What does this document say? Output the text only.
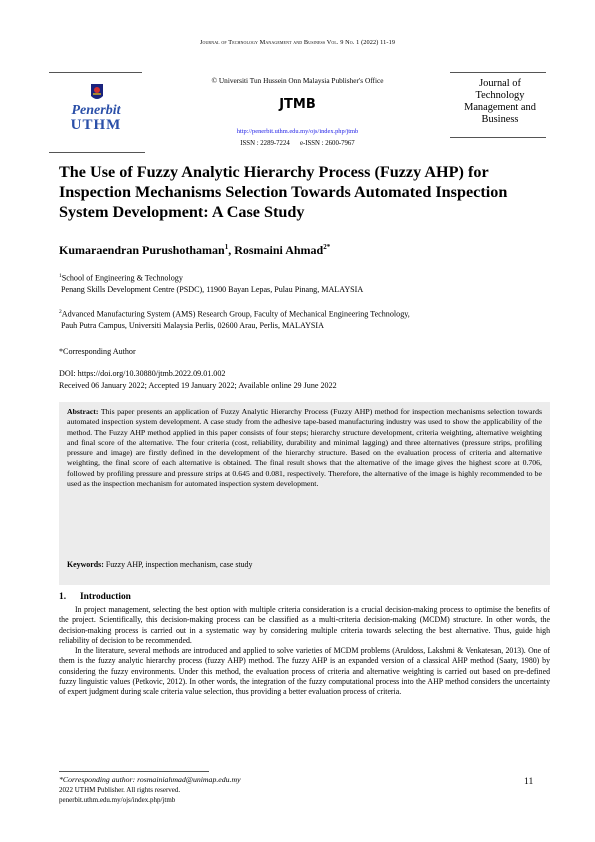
Journal of Technology Management and Business Vol. 9 No. 1 (2022) 11-19
Penerbit
UTHM
© Universiti Tun Hussein Onn Malaysia Publisher's Office
JTMB
http://penerbit.uthm.edu.my/ojs/index.php/jtmb
ISSN : 2289-7224 e-ISSN : 2600-7967
Journal of
Technology
Management and
Business
The Use of Fuzzy Analytic Hierarchy Process (Fuzzy AHP) for Inspection Mechanisms Selection Towards Automated Inspection System Development: A Case Study
Kumaraendran Purushothaman$^1$, Rosmaini Ahmad$^{2*}$
$^1$School of Engineering & Technology
Penang Skills Development Centre (PSDC), 11900 Bayan Lepas, Pulau Pinang, MALAYSIA
$^2$Advanced Manufacturing System (AMS) Research Group, Faculty of Mechanical Engineering Technology,
Pauh Putra Campus, Universiti Malaysia Perlis, 02600 Arau, Perlis, MALAYSIA
*Corresponding Author
DOI: https://doi.org/10.30880/jtmb.2022.09.01.002
Received 06 January 2022; Accepted 19 January 2022; Available online 29 June 2022
Abstract: This paper presents an application of Fuzzy Analytic Hierarchy Process (Fuzzy AHP) method for inspection mechanisms selection towards automated inspection system development. A case study from the adhesive tape-based manufacturing industry was used to show the applicability of the method. The Fuzzy AHP method applied in this paper consists of four steps; hierarchy structure development, criteria weighting, alternative weighting and final score of the alternative. The four criteria (cost, reliability, durability and minimal lagging) and three alternatives (pressure strips, profiling pressure and image) are firstly defined in the development of the hierarchy structure. Based on the evaluation process of criteria and alternative weighting, the final score of each alternative is obtained. The final result shows that the alternative of the image gives the highest score at 0.706, followed by profiling pressure and pressure strips at 0.645 and 0.081, respectively. Therefore, the alternative of the image is highly recommended to be used as the inspection mechanism for automated inspection system development.
Keywords: Fuzzy AHP, inspection mechanism, case study
1. Introduction

In project management, selecting the best option with multiple criteria consideration is a crucial decision-making process to optimise the benefits of the project. Scientifically, this decision-making process can be classified as a multi-criteria decision-making (MCDM) structure. In other words, the decision-making process is carried out in a systematic way by considering multiple criteria towards selecting the best alternative. Thus, guide high reliability of decision to be recommended.

In the literature, several methods are introduced and applied to solve varieties of MCDM problems (Aruldoss, Lakshmi & Venkatesan, 2013). One of them is the fuzzy analytic hierarchy process (fuzzy AHP) method. The fuzzy AHP is an expanded version of a classical AHP method (Saaty, 1980) by considering the fuzzy environments. Under this method, the evaluation process of criteria and alternative weighting is carried out based on pre-defined fuzzy linguistic values (Petkovic, 2012). In other words, the integration of the fuzzy computational process into the AHP method considers the uncertainty of expert judgment during scale criteria value selection, thus providing a better evaluation process of criteria.

*Corresponding author: rosmainiahmad@unimap.edu.my
2022 UTHM Publisher. All rights reserved.
penerbit.uthm.edu.my/ojs/index.php/jtmb
11
